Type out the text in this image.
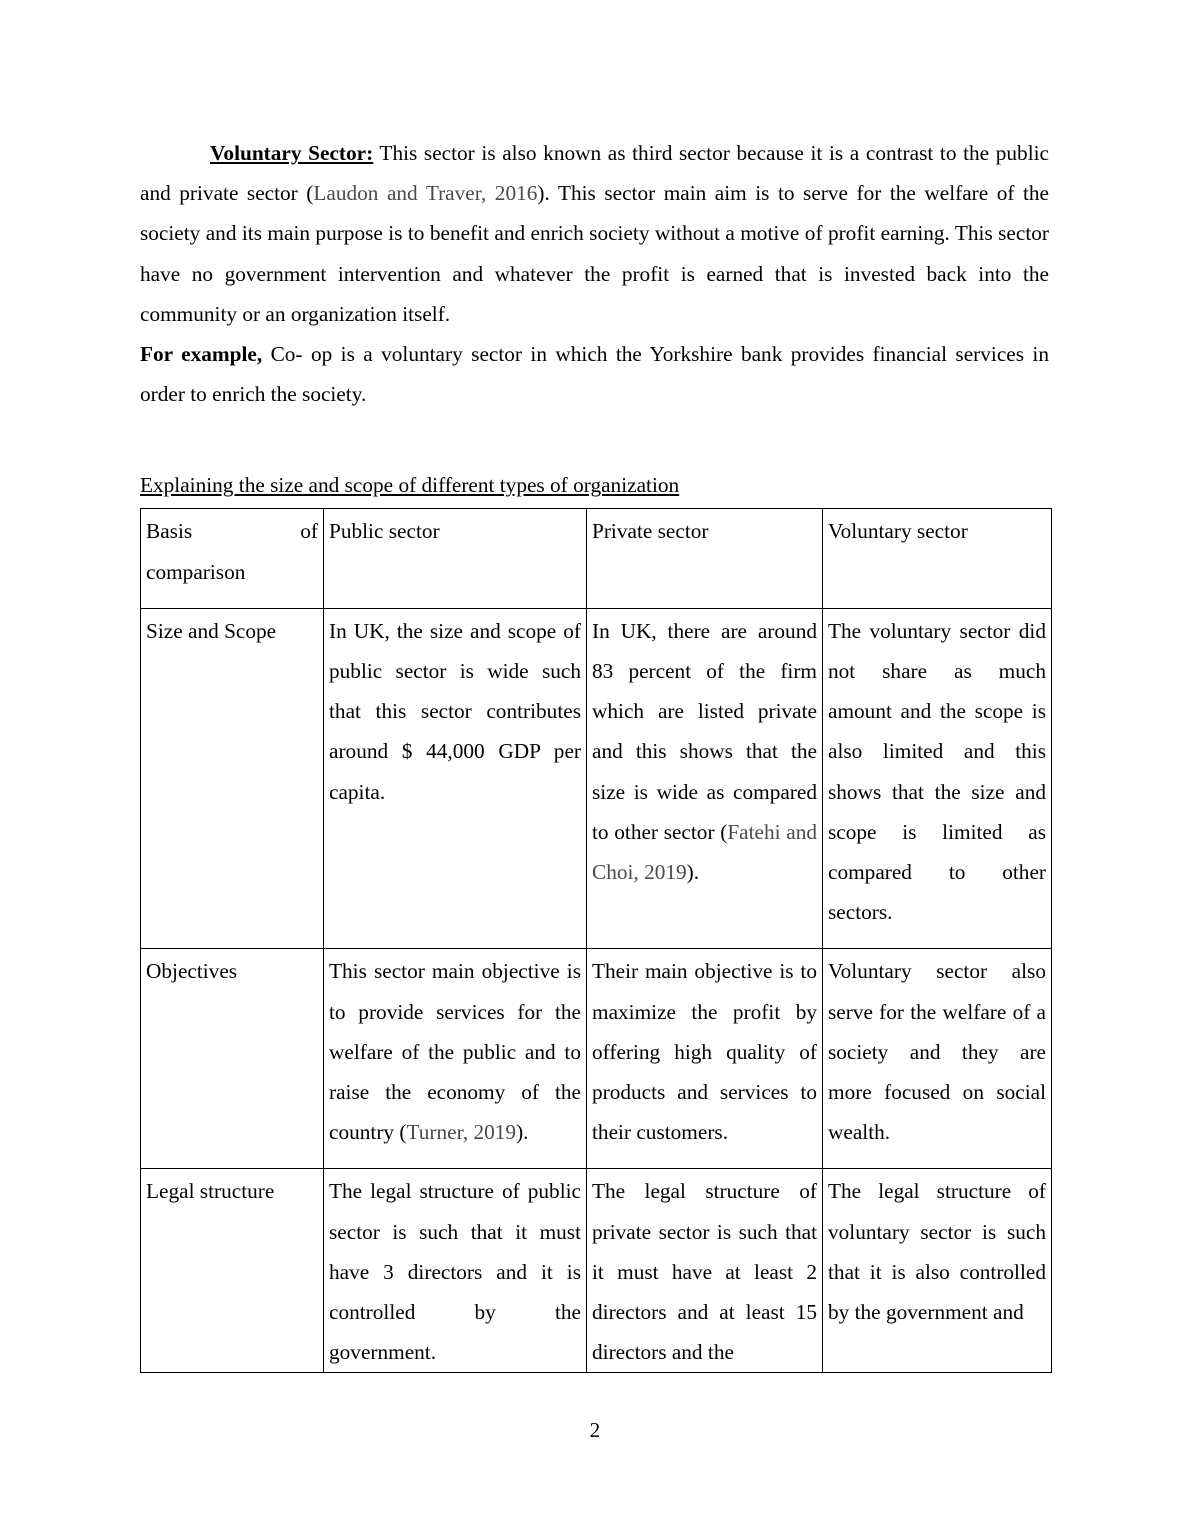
Voluntary Sector: This sector is also known as third sector because it is a contrast to the public and private sector (Laudon and Traver, 2016). This sector main aim is to serve for the welfare of the society and its main purpose is to benefit and enrich society without a motive of profit earning. This sector have no government intervention and whatever the profit is earned that is invested back into the community or an organization itself.

For example, Co- op is a voluntary sector in which the Yorkshire bank provides financial services in order to enrich the society.

Explaining the size and scope of different types of organization

Basis of comparison	Public sector	Private sector	Voluntary sector
Size and Scope	In UK, the size and scope of public sector is wide such that this sector contributes around $ 44,000 GDP per capita.	In UK, there are around 83 percent of the firm which are listed private and this shows that the size is wide as compared to other sector (Fatehi and Choi, 2019).	The voluntary sector did not share as much amount and the scope is also limited and this shows that the size and scope is limited as compared to other sectors.
Objectives	This sector main objective is to provide services for the welfare of the public and to raise the economy of the country (Turner, 2019).	Their main objective is to maximize the profit by offering high quality of products and services to their customers.	Voluntary sector also serve for the welfare of a society and they are more focused on social wealth.
Legal structure	The legal structure of public sector is such that it must have 3 directors and it is controlled by the government.	The legal structure of private sector is such that it must have at least 2 directors and at least 15 directors and the	The legal structure of voluntary sector is such that it is also controlled by the government and
2
